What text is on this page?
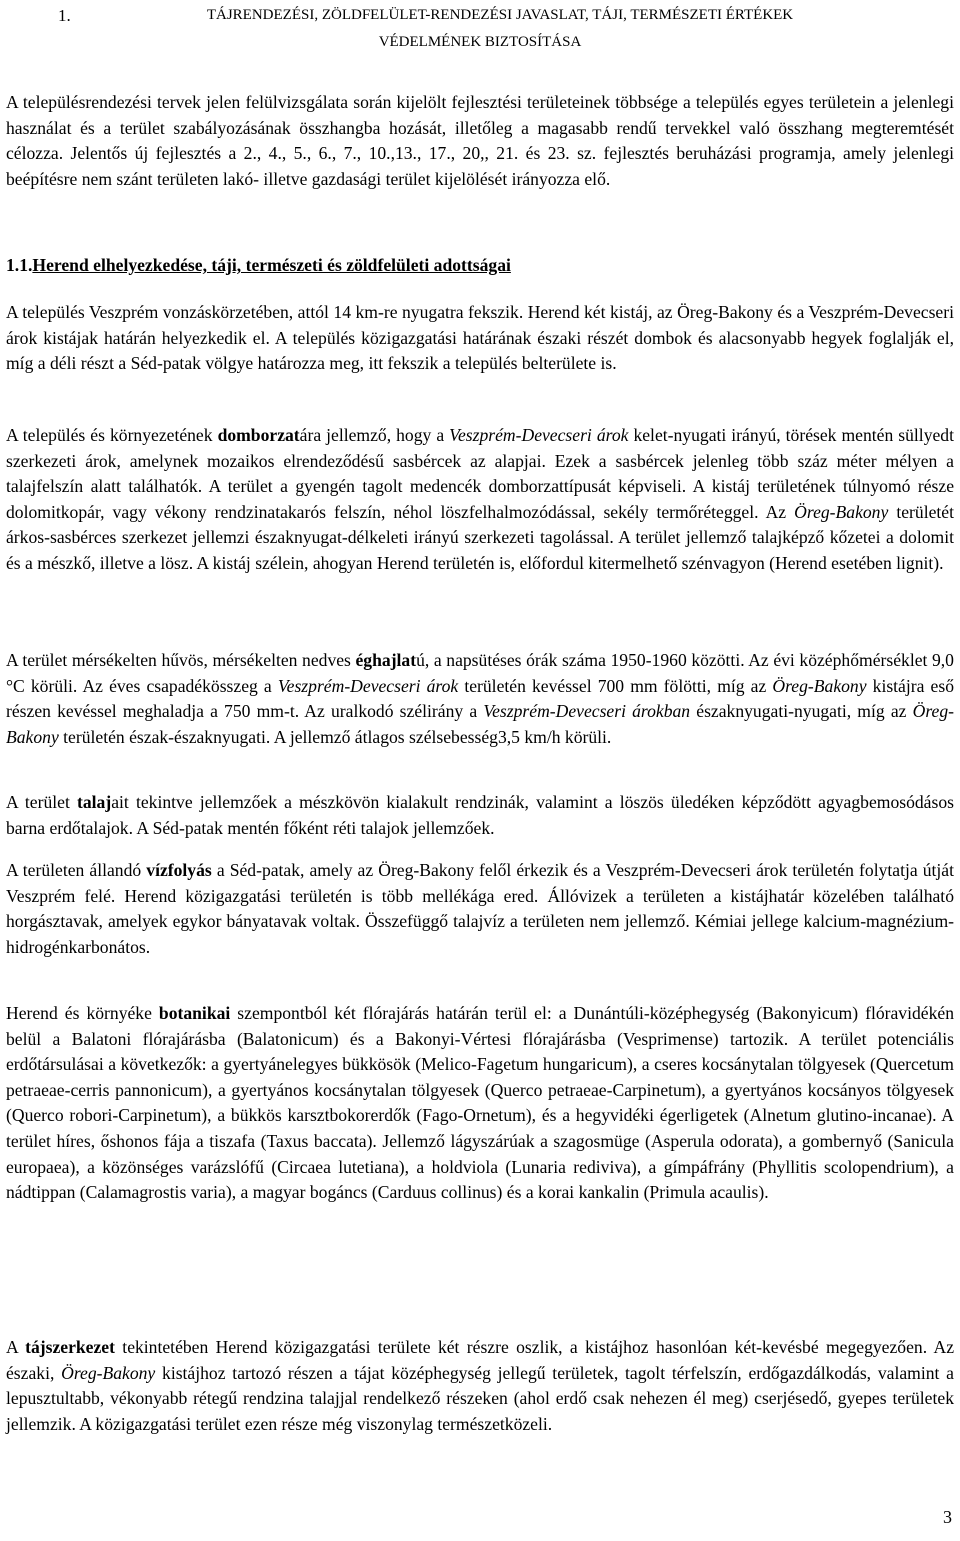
1.	TÁJRENDEZÉSI, ZÖLDFELÜLET-RENDEZÉSI JAVASLAT, TÁJI, TERMÉSZETI ÉRTÉKEK
VÉDELMÉNEK BIZTOSÍTÁSA

A településrendezési tervek jelen felülvizsgálata során kijelölt fejlesztési területeinek többsége a település egyes területein a jelenlegi használat és a terület szabályozásának összhangba hozását, illetőleg a magasabb rendű tervekkel való összhang megteremtését célozza. Jelentős új fejlesztés a 2., 4., 5., 6., 7., 10.,13., 17., 20,, 21. és 23. sz. fejlesztés beruházási programja, amely jelenlegi beépítésre nem szánt területen lakó- illetve gazdasági terület kijelölését irányozza elő.

1.1.Herend elhelyezkedése, táji, természeti és zöldfelületi adottságai

A település Veszprém vonzáskörzetében, attól 14 km-re nyugatra fekszik. Herend két kistáj, az Öreg-Bakony és a Veszprém-Devecseri árok kistájak határán helyezkedik el. A település közigazgatási határának északi részét dombok és alacsonyabb hegyek foglalják el, míg a déli részt a Séd-patak völgye határozza meg, itt fekszik a település belterülete is.

A település és környezetének domborzatára jellemző, hogy a Veszprém-Devecseri árok kelet-nyugati irányú, törések mentén süllyedt szerkezeti árok, amelynek mozaikos elrendeződésű sasbércek az alapjai. Ezek a sasbércek jelenleg több száz méter mélyen a talajfelszín alatt találhatók. A terület a gyengén tagolt medencék domborzattípusát képviseli. A kistáj területének túlnyomó része dolomitkopár, vagy vékony rendzinatakarós felszín, néhol löszfelhalmozódással, sekély termőréteggel. Az Öreg-Bakony területét árkos-sasbérces szerkezet jellemzi északnyugat-délkeleti irányú szerkezeti tagolással. A terület jellemző talajképző kőzetei a dolomit és a mészkő, illetve a lösz. A kistáj szélein, ahogyan Herend területén is, előfordul kitermelhető szénvagyon (Herend esetében lignit).

A terület mérsékelten hűvös, mérsékelten nedves éghajlatú, a napsütéses órák száma 1950-1960 közötti. Az évi középhőmérséklet 9,0 °C körüli. Az éves csapadékösszeg a Veszprém-Devecseri árok területén kevéssel 700 mm fölötti, míg az Öreg-Bakony kistájra eső részen kevéssel meghaladja a 750 mm-t. Az uralkodó szélirány a Veszprém-Devecseri árokban északnyugati-nyugati, míg az Öreg-Bakony területén észak-északnyugati. A jellemző átlagos szélsebesség3,5 km/h körüli.

A terület talajait tekintve jellemzőek a mészkövön kialakult rendzinák, valamint a löszös üledéken képződött agyagbemosódásos barna erdőtalajok. A Séd-patak mentén főként réti talajok jellemzőek.

A területen állandó vízfolyás a Séd-patak, amely az Öreg-Bakony felől érkezik és a Veszprém-Devecseri árok területén folytatja útját Veszprém felé. Herend közigazgatási területén is több mellékága ered. Állóvizek a területen a kistájhatár közelében található horgásztavak, amelyek egykor bányatavak voltak. Összefüggő talajvíz a területen nem jellemző. Kémiai jellege kalcium-magnézium-hidrogénkarbonátos.

Herend és környéke botanikai szempontból két flórajárás határán terül el: a Dunántúli-középhegység (Bakonyicum) flóravidékén belül a Balatoni flórajárásba (Balatonicum) és a Bakonyi-Vértesi flórajárásba (Vesprimense) tartozik. A terület potenciális erdőtársulásai a következők: a gyertyánelegyes bükkösök (Melico-Fagetum hungaricum), a cseres kocsánytalan tölgyesek (Quercetum petraeae-cerris pannonicum), a gyertyános kocsánytalan tölgyesek (Querco petraeae-Carpinetum), a gyertyános kocsányos tölgyesek (Querco robori-Carpinetum), a bükkös karsztbokorerdők (Fago-Ornetum), és a hegyvidéki égerligetek (Alnetum glutino-incanae). A terület híres, őshonos fája a tiszafa (Taxus baccata). Jellemző lágyszárúak a szagosmüge (Asperula odorata), a gombernyő (Sanicula europaea), a közönséges varázslófű (Circaea lutetiana), a holdviola (Lunaria rediviva), a gímpáfrány (Phyllitis scolopendrium), a nádtippan (Calamagrostis varia), a magyar bogáncs (Carduus collinus) és a korai kankalin (Primula acaulis).

A tájszerkezet tekintetében Herend közigazgatási területe két részre oszlik, a kistájhoz hasonlóan két-kevésbé megegyezően. Az északi, Öreg-Bakony kistájhoz tartozó részen a tájat középhegység jellegű területek, tagolt térfelszín, erdőgazdálkodás, valamint a lepusztultabb, vékonyabb rétegű rendzina talajjal rendelkező részeken (ahol erdő csak nehezen él meg) cserjésedő, gyepes területek jellemzik. A közigazgatási terület ezen része még viszonylag természetközeli.

3
